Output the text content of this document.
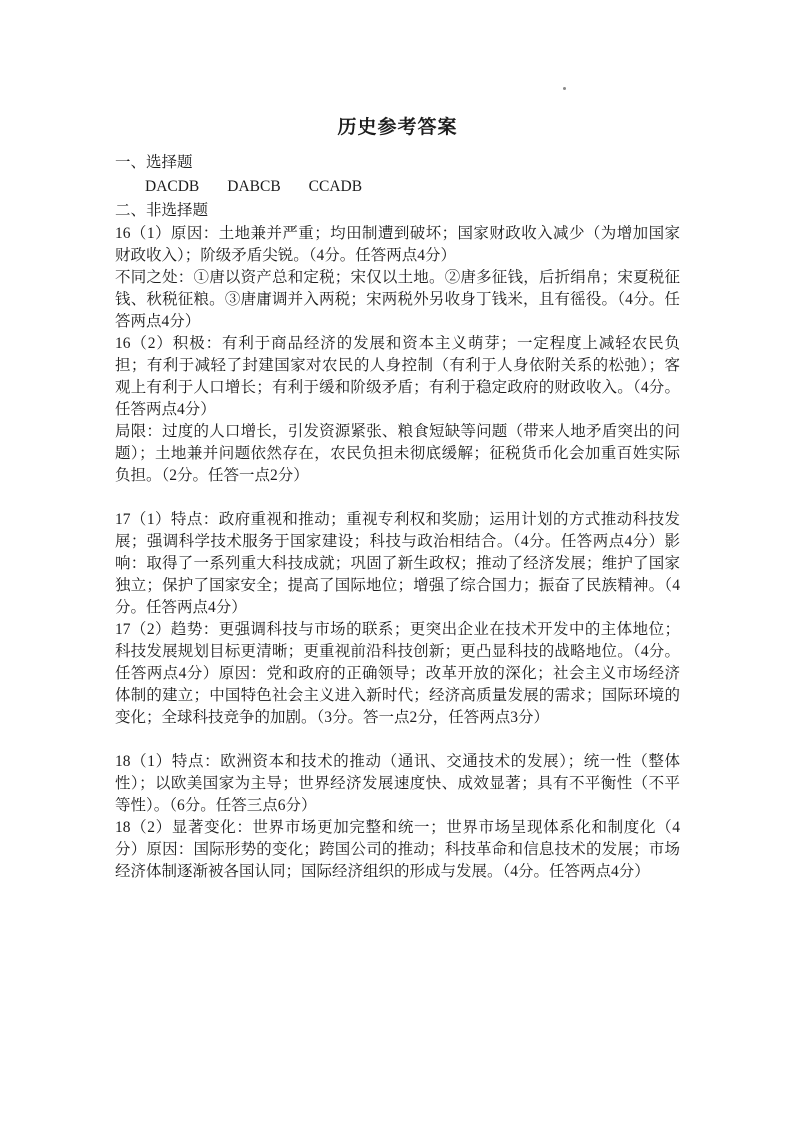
历史参考答案

一、选择题

DACDB DABCB CCADB

二、非选择题

16（1）原因：土地兼并严重；均田制遭到破坏；国家财政收入减少（为增加国家财政收入）；阶级矛盾尖锐。（4分。任答两点4分）

不同之处：①唐以资产总和定税；宋仅以土地。②唐多征钱，后折绢帛；宋夏税征钱、秋税征粮。③唐庸调并入两税；宋两税外另收身丁钱米，且有徭役。（4分。任答两点4分）

16（2）积极：有利于商品经济的发展和资本主义萌芽；一定程度上减轻农民负担；有利于减轻了封建国家对农民的人身控制（有利于人身依附关系的松弛）；客观上有利于人口增长；有利于缓和阶级矛盾；有利于稳定政府的财政收入。（4分。任答两点4分）

局限：过度的人口增长，引发资源紧张、粮食短缺等问题（带来人地矛盾突出的问题）；土地兼并问题依然存在，农民负担未彻底缓解；征税货币化会加重百姓实际负担。（2分。任答一点2分）

17（1）特点：政府重视和推动；重视专利权和奖励；运用计划的方式推动科技发展；强调科学技术服务于国家建设；科技与政治相结合。（4分。任答两点4分）影响：取得了一系列重大科技成就；巩固了新生政权；推动了经济发展；维护了国家独立；保护了国家安全；提高了国际地位；增强了综合国力；振奋了民族精神。（4分。任答两点4分）

17（2）趋势：更强调科技与市场的联系；更突出企业在技术开发中的主体地位；科技发展规划目标更清晰；更重视前沿科技创新；更凸显科技的战略地位。（4分。任答两点4分）原因：党和政府的正确领导；改革开放的深化；社会主义市场经济体制的建立；中国特色社会主义进入新时代；经济高质量发展的需求；国际环境的变化；全球科技竞争的加剧。（3分。答一点2分，任答两点3分）

18（1）特点：欧洲资本和技术的推动（通讯、交通技术的发展）；统一性（整体性）；以欧美国家为主导；世界经济发展速度快、成效显著；具有不平衡性（不平等性）。（6分。任答三点6分）

18（2）显著变化：世界市场更加完整和统一；世界市场呈现体系化和制度化（4分）原因：国际形势的变化；跨国公司的推动；科技革命和信息技术的发展；市场经济体制逐渐被各国认同；国际经济组织的形成与发展。（4分。任答两点4分）
